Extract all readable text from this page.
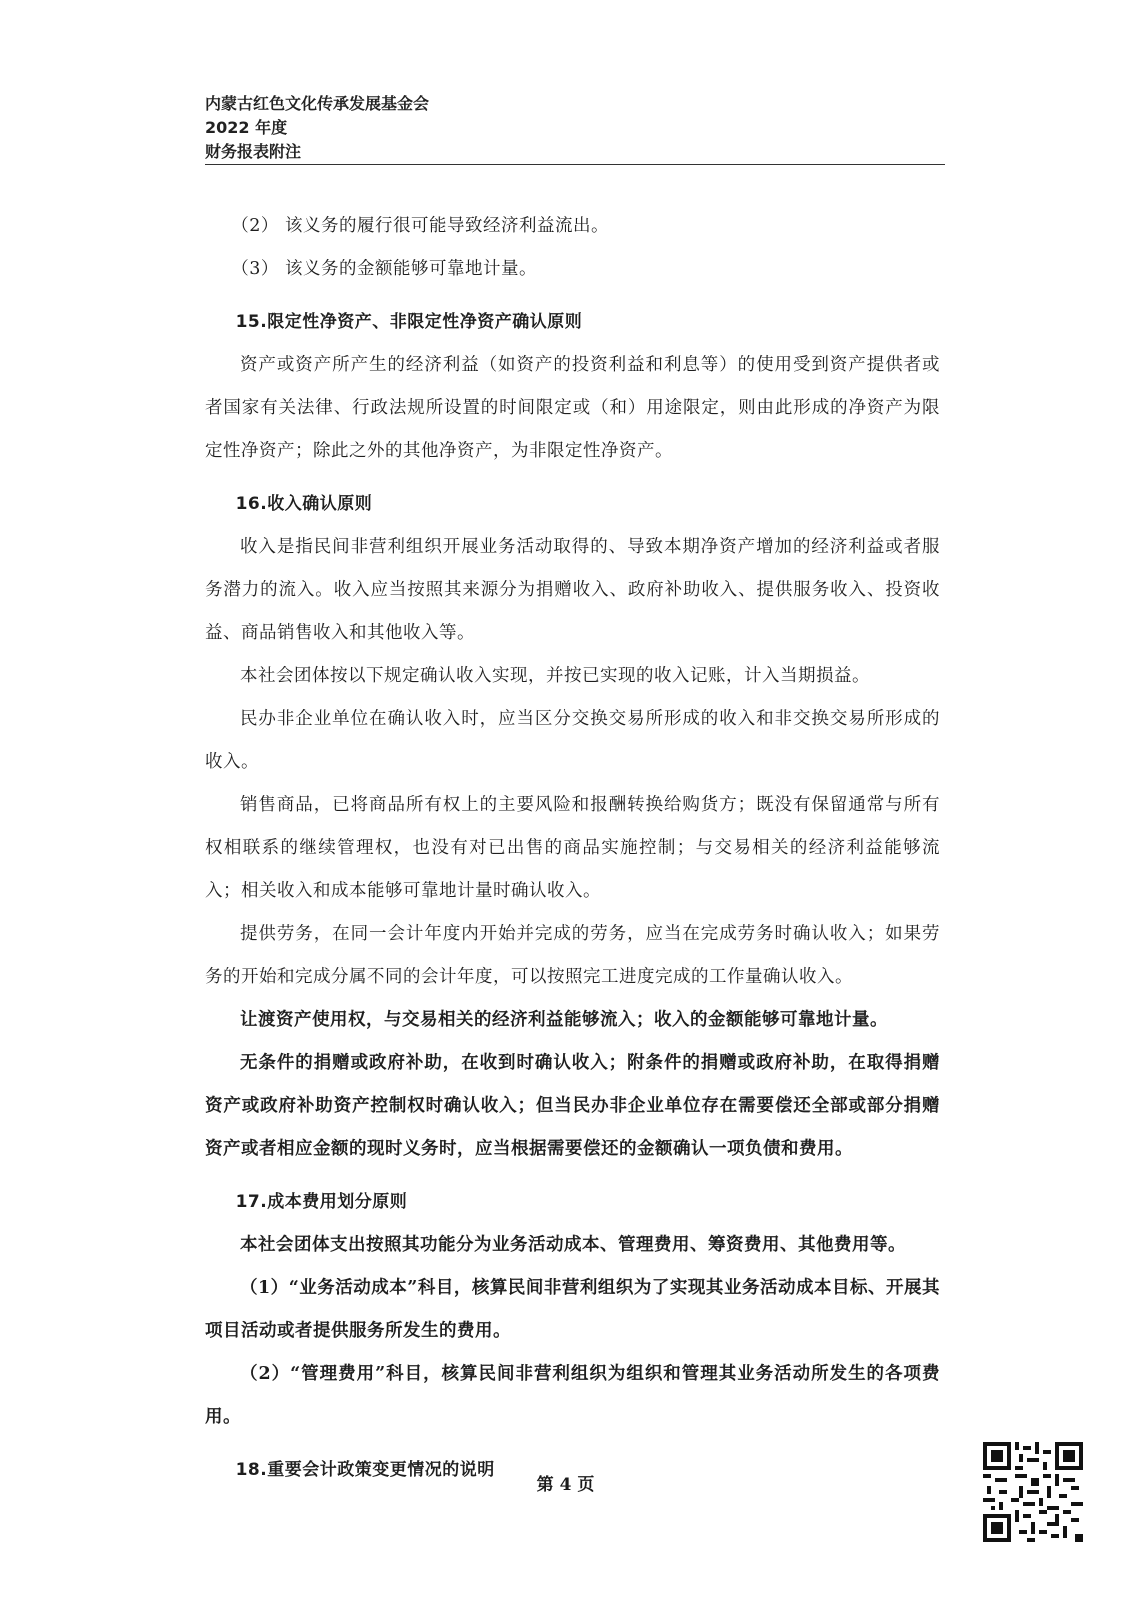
内蒙古红色文化传承发展基金会
2022 年度
财务报表附注

（2） 该义务的履行很可能导致经济利益流出。

（3） 该义务的金额能够可靠地计量。

15.限定性净资产、非限定性净资产确认原则

资产或资产所产生的经济利益（如资产的投资利益和利息等）的使用受到资产提供者或者国家有关法律、行政法规所设置的时间限定或（和）用途限定，则由此形成的净资产为限定性净资产；除此之外的其他净资产，为非限定性净资产。

16.收入确认原则

收入是指民间非营利组织开展业务活动取得的、导致本期净资产增加的经济利益或者服务潜力的流入。收入应当按照其来源分为捐赠收入、政府补助收入、提供服务收入、投资收益、商品销售收入和其他收入等。

本社会团体按以下规定确认收入实现，并按已实现的收入记账，计入当期损益。

民办非企业单位在确认收入时，应当区分交换交易所形成的收入和非交换交易所形成的收入。

销售商品，已将商品所有权上的主要风险和报酬转换给购货方；既没有保留通常与所有权相联系的继续管理权，也没有对已出售的商品实施控制；与交易相关的经济利益能够流入；相关收入和成本能够可靠地计量时确认收入。

提供劳务，在同一会计年度内开始并完成的劳务，应当在完成劳务时确认收入；如果劳务的开始和完成分属不同的会计年度，可以按照完工进度完成的工作量确认收入。

让渡资产使用权，与交易相关的经济利益能够流入；收入的金额能够可靠地计量。

无条件的捐赠或政府补助，在收到时确认收入；附条件的捐赠或政府补助，在取得捐赠资产或政府补助资产控制权时确认收入；但当民办非企业单位存在需要偿还全部或部分捐赠资产或者相应金额的现时义务时，应当根据需要偿还的金额确认一项负债和费用。

17.成本费用划分原则

本社会团体支出按照其功能分为业务活动成本、管理费用、筹资费用、其他费用等。

（1）“业务活动成本”科目，核算民间非营利组织为了实现其业务活动成本目标、开展其项目活动或者提供服务所发生的费用。

（2）“管理费用”科目，核算民间非营利组织为组织和管理其业务活动所发生的各项费用。

18.重要会计政策变更情况的说明

第 4 页
